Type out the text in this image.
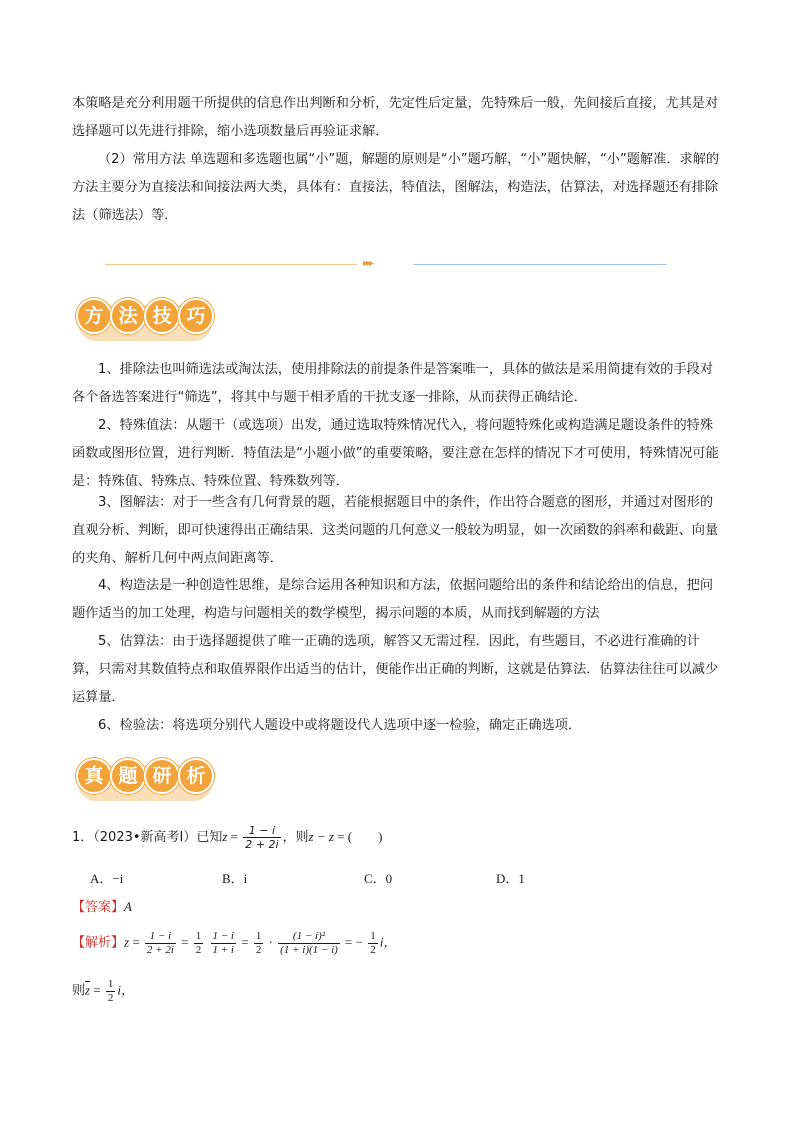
本策略是充分利用题干所提供的信息作出判断和分析，先定性后定量，先特殊后一般，先间接后直接，尤其是对选择题可以先进行排除，缩小选项数量后再验证求解．

（2）常用方法 单选题和多选题也属“小”题，解题的原则是“小”题巧解，“小”题快解，“小”题解准．求解的方法主要分为直接法和间接法两大类，具体有：直接法，特值法，图解法，构造法，估算法，对选择题还有排除法（筛选法）等．

▸▸▸
方 法 技 巧

1、排除法也叫筛选法或淘汰法，使用排除法的前提条件是答案唯一，具体的做法是采用简捷有效的手段对各个备选答案进行“筛选”，将其中与题干相矛盾的干扰支逐一排除，从而获得正确结论．

2、特殊值法：从题干（或选项）出发，通过选取特殊情况代入，将问题特殊化或构造满足题设条件的特殊函数或图形位置，进行判断．特值法是“小题小做”的重要策略，要注意在怎样的情况下才可使用，特殊情况可能是：特殊值、特殊点、特殊位置、特殊数列等．

3、图解法：对于一些含有几何背景的题，若能根据题目中的条件，作出符合题意的图形，并通过对图形的直观分析、判断，即可快速得出正确结果．这类问题的几何意义一般较为明显，如一次函数的斜率和截距、向量的夹角、解析几何中两点间距离等．

4、构造法是一种创造性思维，是综合运用各种知识和方法，依据问题给出的条件和结论给出的信息，把问题作适当的加工处理，构造与问题相关的数学模型，揭示问题的本质，从而找到解题的方法

5、估算法：由于选择题提供了唯一正确的选项，解答又无需过程．因此，有些题目，不必进行准确的计算，只需对其数值特点和取值界限作出适当的估计，便能作出正确的判断，这就是估算法．估算法往往可以减少运算量．

6、检验法：将选项分别代人题设中或将题设代人选项中逐一检验，确定正确选项．

真 题 研 析
1．（2023•新高考Ⅰ）已知$z = \frac{1 - i}{2 + 2i}$ ，则z − z = (　　)
A．−i	B．i	C．0	D．1
【答案】A
【解析】$z = \frac{1 - i}{2 + 2i} = \frac{1}{2}$
$\frac{1 - i}{1 + i} = \frac{1}{2} \cdot \frac{\text{(1 − i)²}}{(1 + i)(1 - i)}$ = − $\frac{1}{2}$ i，
则$\overline{z} = \frac{1}{2}$ i，
